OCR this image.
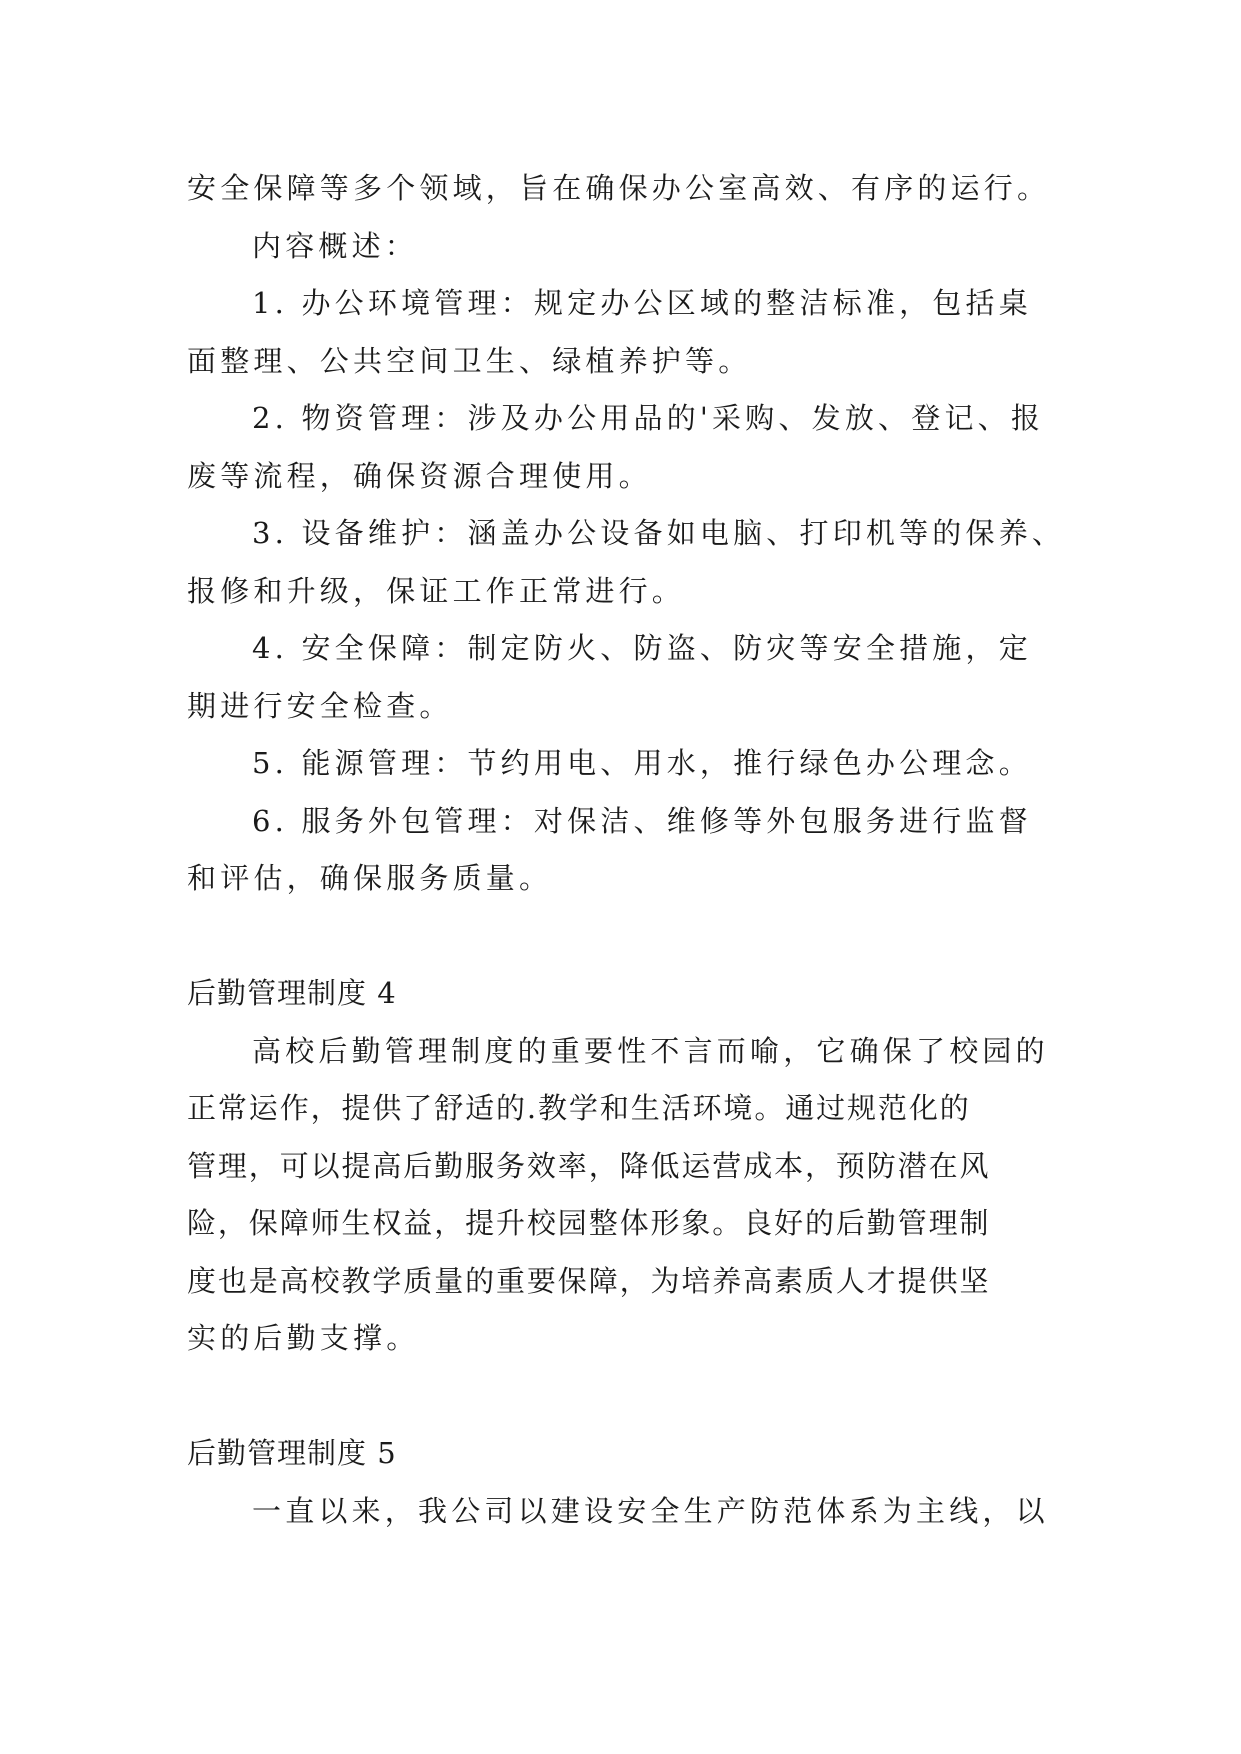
安全保障等多个领域，旨在确保办公室高效、有序的运行。
内容概述：
1. 办公环境管理：规定办公区域的整洁标准，包括桌
面整理、公共空间卫生、绿植养护等。
2. 物资管理：涉及办公用品的'采购、发放、登记、报
废等流程，确保资源合理使用。
3. 设备维护：涵盖办公设备如电脑、打印机等的保养、
报修和升级，保证工作正常进行。
4. 安全保障：制定防火、防盗、防灾等安全措施，定
期进行安全检查。
5. 能源管理：节约用电、用水，推行绿色办公理念。
6. 服务外包管理：对保洁、维修等外包服务进行监督
和评估，确保服务质量。
后勤管理制度 4
高校后勤管理制度的重要性不言而喻，它确保了校园的
正常运作，提供了舒适的.教学和生活环境。通过规范化的
管理，可以提高后勤服务效率，降低运营成本，预防潜在风
险，保障师生权益，提升校园整体形象。良好的后勤管理制
度也是高校教学质量的重要保障，为培养高素质人才提供坚
实的后勤支撑。
后勤管理制度 5
一直以来，我公司以建设安全生产防范体系为主线，以
